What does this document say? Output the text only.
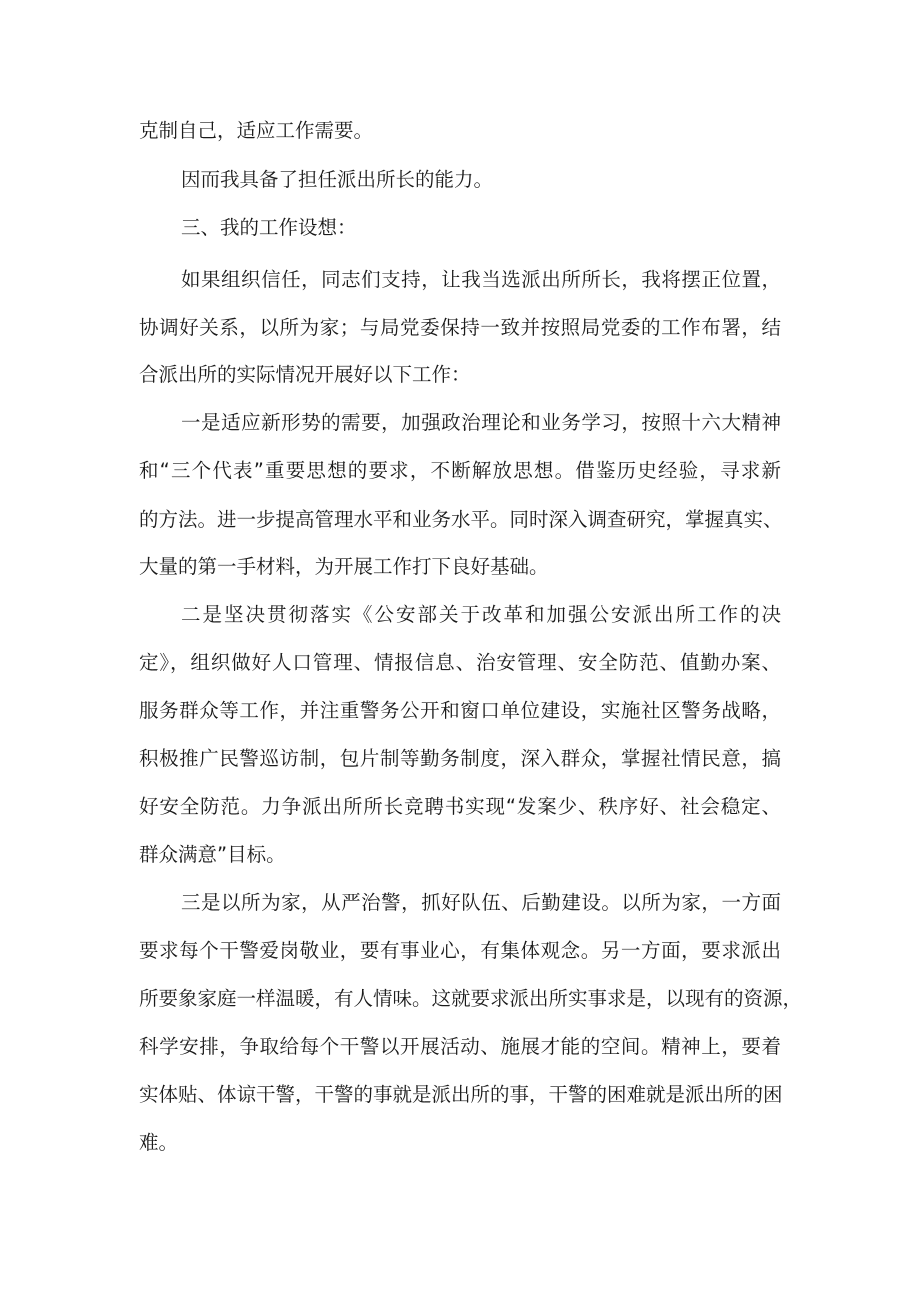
克制自己，适应工作需要。

因而我具备了担任派出所长的能力。

三、我的工作设想：

如果组织信任，同志们支持，让我当选派出所所长，我将摆正位置，

协调好关系，以所为家；与局党委保持一致并按照局党委的工作布署，结

合派出所的实际情况开展好以下工作：

一是适应新形势的需要，加强政治理论和业务学习，按照十六大精神

和“三个代表”重要思想的要求，不断解放思想。借鉴历史经验，寻求新

的方法。进一步提高管理水平和业务水平。同时深入调查研究，掌握真实、

大量的第一手材料，为开展工作打下良好基础。

二是坚决贯彻落实《公安部关于改革和加强公安派出所工作的决

定》，组织做好人口管理、情报信息、治安管理、安全防范、值勤办案、

服务群众等工作，并注重警务公开和窗口单位建设，实施社区警务战略，

积极推广民警巡访制，包片制等勤务制度，深入群众，掌握社情民意，搞

好安全防范。力争派出所所长竞聘书实现“发案少、秩序好、社会稳定、

群众满意”目标。

三是以所为家，从严治警，抓好队伍、后勤建设。以所为家，一方面

要求每个干警爱岗敬业，要有事业心，有集体观念。另一方面，要求派出

所要象家庭一样温暖，有人情味。这就要求派出所实事求是，以现有的资源，

科学安排，争取给每个干警以开展活动、施展才能的空间。精神上，要着

实体贴、体谅干警，干警的事就是派出所的事，干警的困难就是派出所的困

难。
